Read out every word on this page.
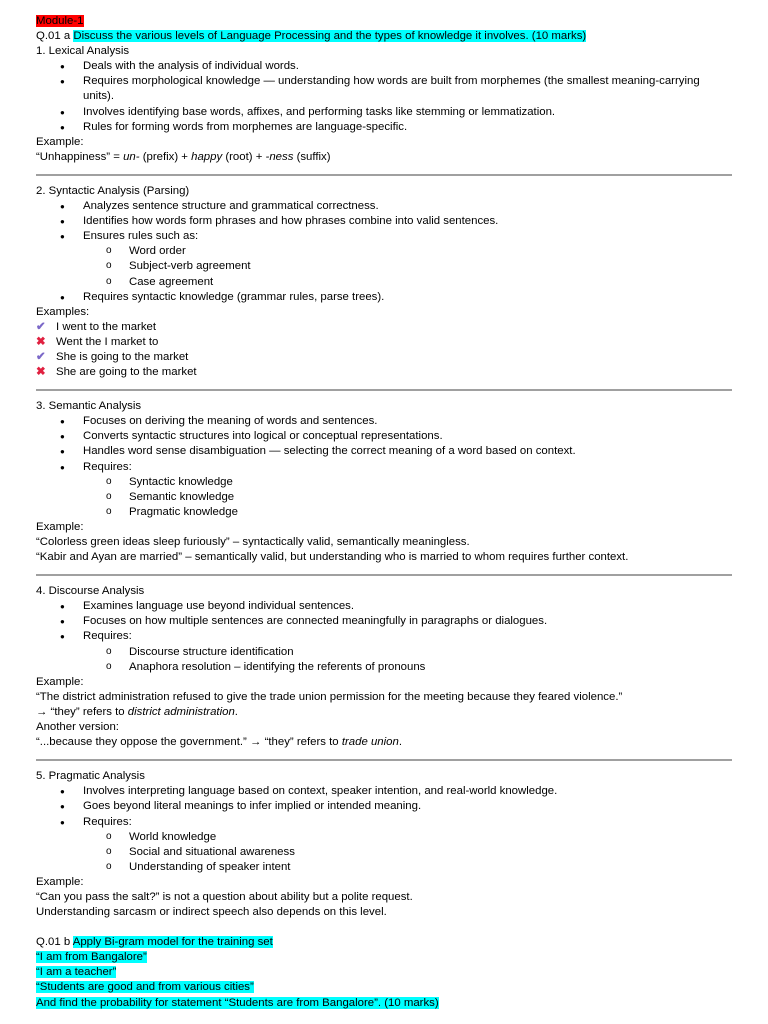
Module-1
Q.01 a Discuss the various levels of Language Processing and the types of knowledge it involves. (10 marks)
1. Lexical Analysis
● Deals with the analysis of individual words.
● Requires morphological knowledge — understanding how words are built from morphemes (the smallest meaning-carrying units).
● Involves identifying base words, affixes, and performing tasks like stemming or lemmatization.
● Rules for forming words from morphemes are language-specific.
Example:
“Unhappiness” = un- (prefix) + happy (root) + -ness (suffix)
2. Syntactic Analysis (Parsing)
● Analyzes sentence structure and grammatical correctness.
● Identifies how words form phrases and how phrases combine into valid sentences.
● Ensures rules such as:
o Word order
o Subject-verb agreement
o Case agreement
● Requires syntactic knowledge (grammar rules, parse trees).
Examples:
✔ I went to the market
✖ Went the I market to
✔ She is going to the market
✖ She are going to the market
3. Semantic Analysis
● Focuses on deriving the meaning of words and sentences.
● Converts syntactic structures into logical or conceptual representations.
● Handles word sense disambiguation — selecting the correct meaning of a word based on context.
● Requires:
o Syntactic knowledge
o Semantic knowledge
o Pragmatic knowledge
Example:
“Colorless green ideas sleep furiously” – syntactically valid, semantically meaningless.
“Kabir and Ayan are married” – semantically valid, but understanding who is married to whom requires further context.
4. Discourse Analysis
● Examines language use beyond individual sentences.
● Focuses on how multiple sentences are connected meaningfully in paragraphs or dialogues.
● Requires:
o Discourse structure identification
o Anaphora resolution – identifying the referents of pronouns
Example:
“The district administration refused to give the trade union permission for the meeting because they feared violence.”
→ “they” refers to district administration.
Another version:
“...because they oppose the government.” → “they” refers to trade union.
5. Pragmatic Analysis
● Involves interpreting language based on context, speaker intention, and real-world knowledge.
● Goes beyond literal meanings to infer implied or intended meaning.
● Requires:
o World knowledge
o Social and situational awareness
o Understanding of speaker intent
Example:
“Can you pass the salt?” is not a question about ability but a polite request.
Understanding sarcasm or indirect speech also depends on this level.
Q.01 b Apply Bi-gram model for the training set
“I am from Bangalore”
“I am a teacher”
“Students are good and from various cities”
And find the probability for statement “Students are from Bangalore”. (10 marks)
